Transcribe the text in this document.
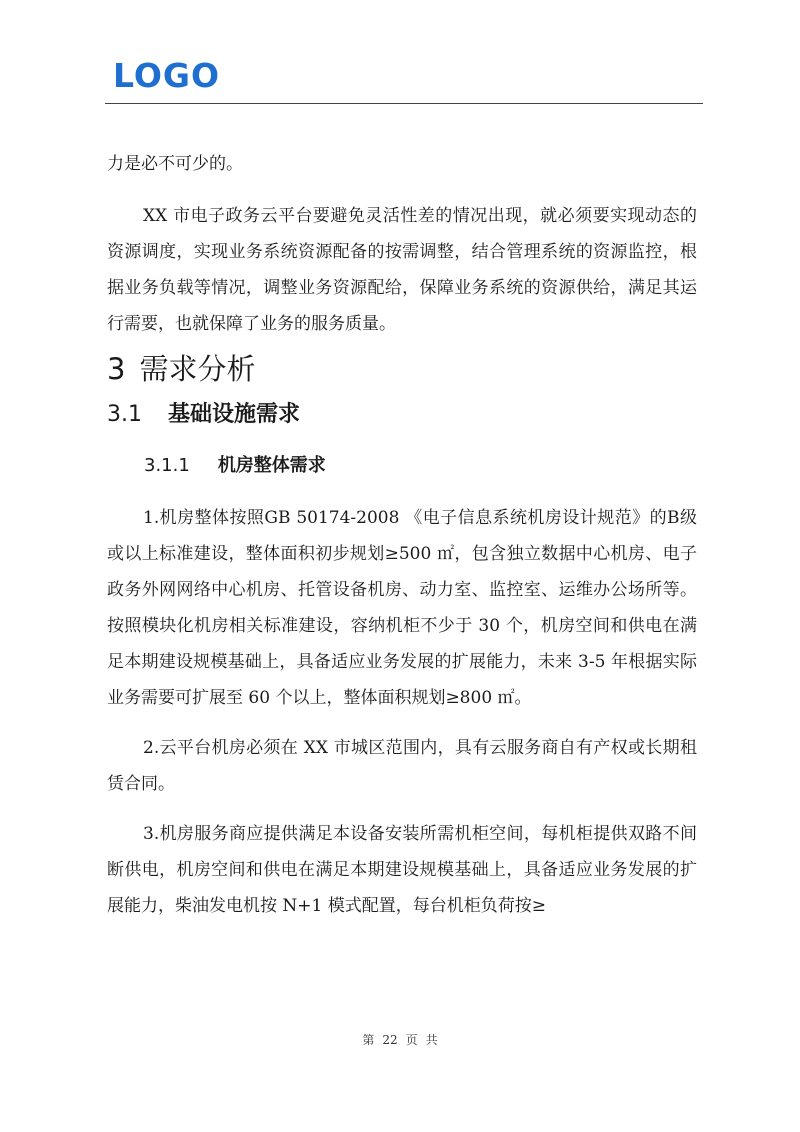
LOGO

力是必不可少的。

XX 市电子政务云平台要避免灵活性差的情况出现，就必须要实现动态的资源调度，实现业务系统资源配备的按需调整，结合管理系统的资源监控，根据业务负载等情况，调整业务资源配给，保障业务系统的资源供给，满足其运行需要，也就保障了业务的服务质量。

3 需求分析
3.1 基础设施需求
3.1.1 机房整体需求

1.机房整体按照GB 50174-2008 《电子信息系统机房设计规范》的B级或以上标准建设，整体面积初步规划≥500 ㎡，包含独立数据中心机房、电子政务外网网络中心机房、托管设备机房、动力室、监控室、运维办公场所等。按照模块化机房相关标准建设，容纳机柜不少于 30 个，机房空间和供电在满足本期建设规模基础上，具备适应业务发展的扩展能力，未来 3-5 年根据实际业务需要可扩展至 60 个以上，整体面积规划≥800 ㎡。

2.云平台机房必须在 XX 市城区范围内，具有云服务商自有产权或长期租赁合同。

3.机房服务商应提供满足本设备安装所需机柜空间，每机柜提供双路不间断供电，机房空间和供电在满足本期建设规模基础上，具备适应业务发展的扩展能力，柴油发电机按 N+1 模式配置，每台机柜负荷按≥

第 22 页 共
